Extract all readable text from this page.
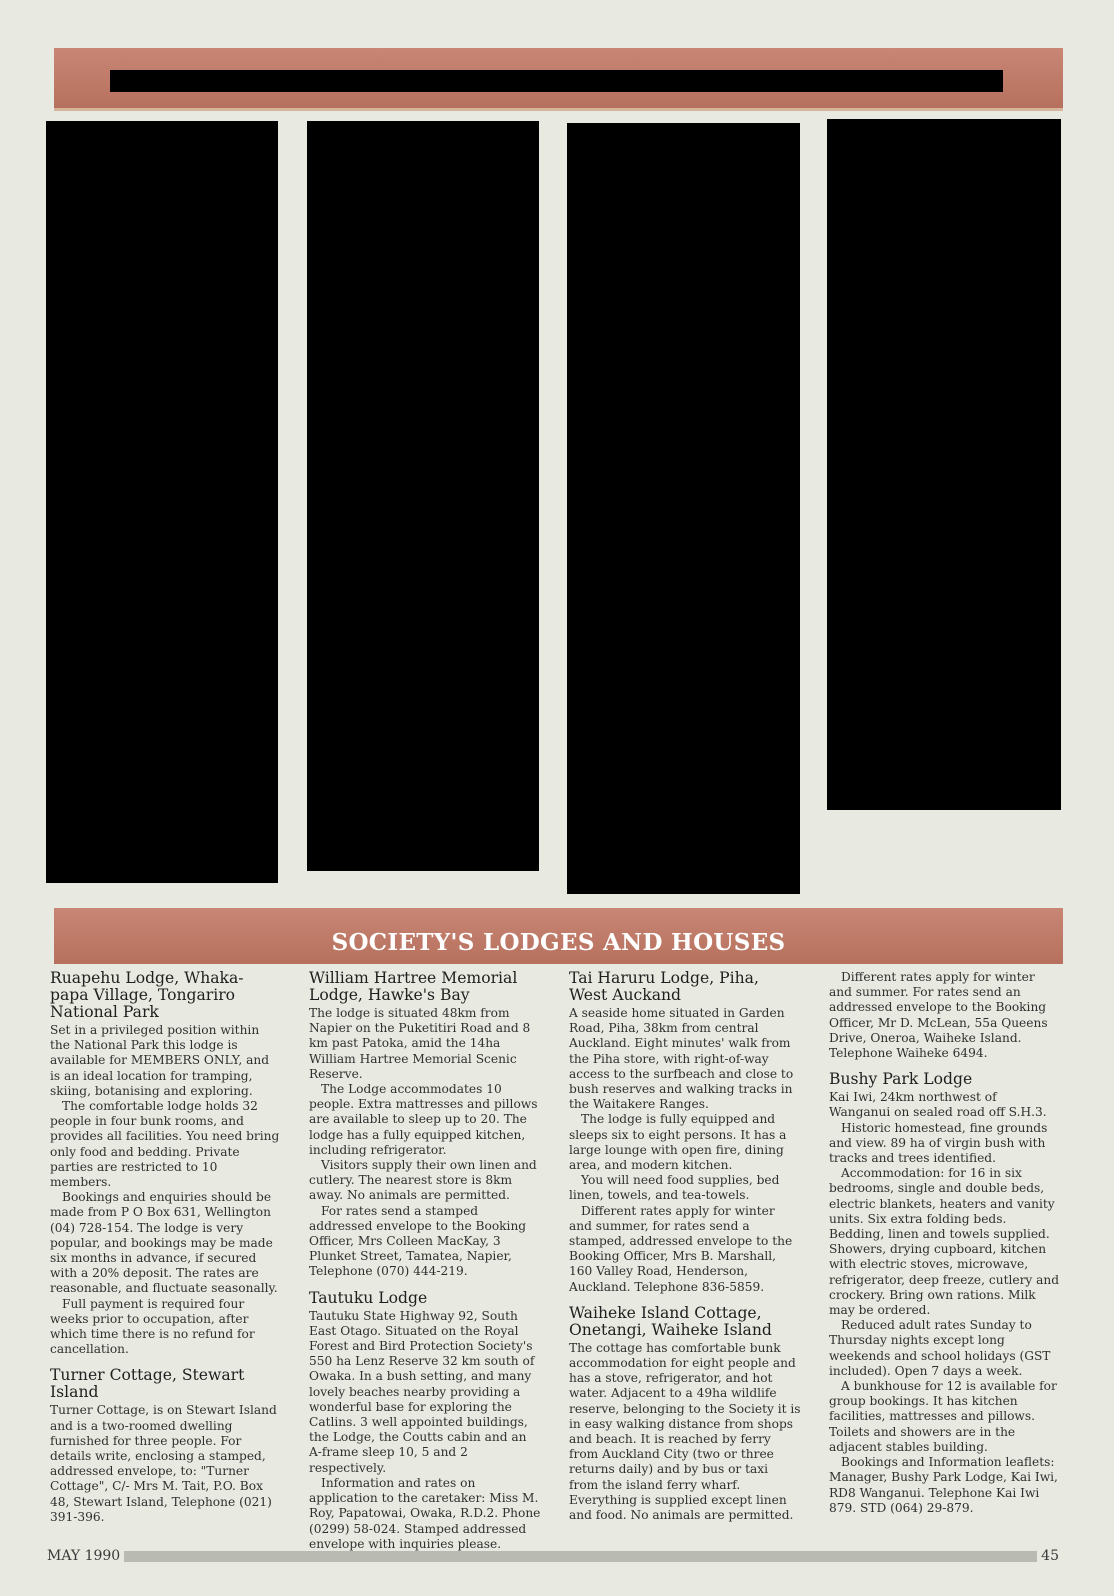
SOCIETY'S LODGES AND HOUSES
Ruapehu Lodge, Whaka-papa Village, Tongariro National Park

Set in a privileged position within the National Park this lodge is available for MEMBERS ONLY, and is an ideal location for tramping, skiing, botanising and exploring.

The comfortable lodge holds 32 people in four bunk rooms, and provides all facilities. You need bring only food and bedding. Private parties are restricted to 10 members.

Bookings and enquiries should be made from P O Box 631, Wellington (04) 728-154. The lodge is very popular, and bookings may be made six months in advance, if secured with a 20% deposit. The rates are reasonable, and fluctuate seasonally.

Full payment is required four weeks prior to occupation, after which time there is no refund for cancellation.

Turner Cottage, Stewart Island

Turner Cottage, is on Stewart Island and is a two-roomed dwelling furnished for three people. For details write, enclosing a stamped, addressed envelope, to: "Turner Cottage", C/- Mrs M. Tait, P.O. Box 48, Stewart Island, Telephone (021) 391-396.

William Hartree Memorial Lodge, Hawke's Bay

The lodge is situated 48km from Napier on the Puketitiri Road and 8 km past Patoka, amid the 14ha William Hartree Memorial Scenic Reserve.

The Lodge accommodates 10 people. Extra mattresses and pillows are available to sleep up to 20. The lodge has a fully equipped kitchen, including refrigerator.

Visitors supply their own linen and cutlery. The nearest store is 8km away. No animals are permitted.

For rates send a stamped addressed envelope to the Booking Officer, Mrs Colleen MacKay, 3 Plunket Street, Tamatea, Napier, Telephone (070) 444-219.

Tautuku Lodge

Tautuku State Highway 92, South East Otago. Situated on the Royal Forest and Bird Protection Society's 550 ha Lenz Reserve 32 km south of Owaka. In a bush setting, and many lovely beaches nearby providing a wonderful base for exploring the Catlins. 3 well appointed buildings, the Lodge, the Coutts cabin and an A-frame sleep 10, 5 and 2 respectively.

Information and rates on application to the caretaker: Miss M. Roy, Papatowai, Owaka, R.D.2. Phone (0299) 58-024. Stamped addressed envelope with inquiries please.

Tai Haruru Lodge, Piha, West Auckand

A seaside home situated in Garden Road, Piha, 38km from central Auckland. Eight minutes' walk from the Piha store, with right-of-way access to the surfbeach and close to bush reserves and walking tracks in the Waitakere Ranges.

The lodge is fully equipped and sleeps six to eight persons. It has a large lounge with open fire, dining area, and modern kitchen.

You will need food supplies, bed linen, towels, and tea-towels.

Different rates apply for winter and summer, for rates send a stamped, addressed envelope to the Booking Officer, Mrs B. Marshall, 160 Valley Road, Henderson, Auckland. Telephone 836-5859.

Waiheke Island Cottage, Onetangi, Waiheke Island

The cottage has comfortable bunk accommodation for eight people and has a stove, refrigerator, and hot water. Adjacent to a 49ha wildlife reserve, belonging to the Society it is in easy walking distance from shops and beach. It is reached by ferry from Auckland City (two or three returns daily) and by bus or taxi from the island ferry wharf. Everything is supplied except linen and food. No animals are permitted.

Different rates apply for winter and summer. For rates send an addressed envelope to the Booking Officer, Mr D. McLean, 55a Queens Drive, Oneroa, Waiheke Island. Telephone Waiheke 6494.

Bushy Park Lodge

Kai Iwi, 24km northwest of Wanganui on sealed road off S.H.3.

Historic homestead, fine grounds and view. 89 ha of virgin bush with tracks and trees identified.

Accommodation: for 16 in six bedrooms, single and double beds, electric blankets, heaters and vanity units. Six extra folding beds. Bedding, linen and towels supplied. Showers, drying cupboard, kitchen with electric stoves, microwave, refrigerator, deep freeze, cutlery and crockery. Bring own rations. Milk may be ordered.

Reduced adult rates Sunday to Thursday nights except long weekends and school holidays (GST included). Open 7 days a week.

A bunkhouse for 12 is available for group bookings. It has kitchen facilities, mattresses and pillows. Toilets and showers are in the adjacent stables building.

Bookings and Information leaflets: Manager, Bushy Park Lodge, Kai Iwi, RD8 Wanganui. Telephone Kai Iwi 879. STD (064) 29-879.

MAY 1990	45
